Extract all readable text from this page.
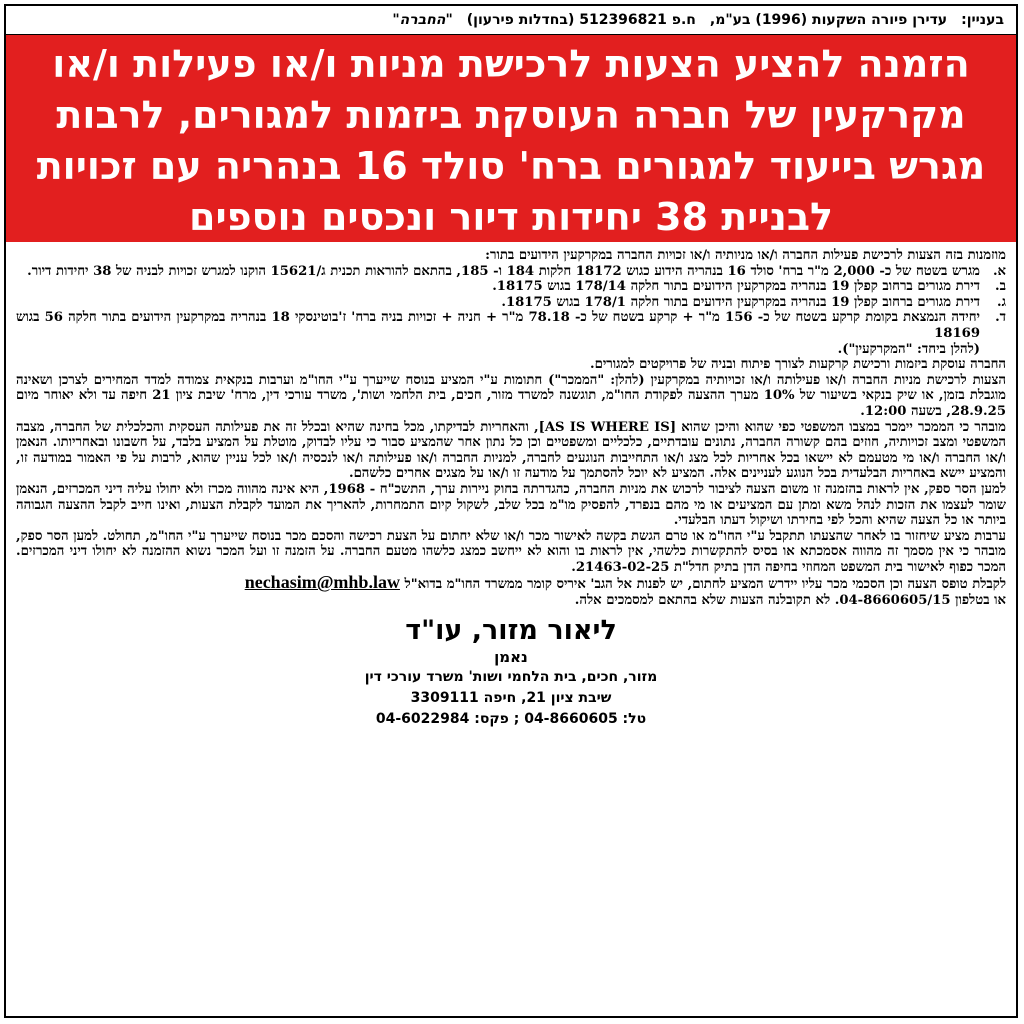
בעניין:
עדירן פיורה השקעות (1996) בע"מ,
ח.פ 512396821 (בחדלות פירעון)
"החברה"
הזמנה להציע הצעות לרכישת מניות ו/או פעילות ו/או
מקרקעין של חברה העוסקת ביזמות למגורים, לרבות
מגרש בייעוד למגורים ברח' סולד 16 בנהריה עם זכויות
לבניית 38 יחידות דיור ונכסים נוספים

מוזמנות בזה הצעות לרכישת פעילות החברה ו/או מניותיה ו/או זכויות החברה במקרקעין הידועים בתור:

א.
מגרש בשטח של כ- 2,000 מ"ר ברח' סולד 16 בנהריה הידוע כגוש 18172 חלקות 184 ו- 185, בהתאם להוראות תכנית ג/15621 הוקנו למגרש זכויות לבניה של 38 יחידות דיור.
ב.
דירת מגורים ברחוב קפלן 19 בנהריה במקרקעין הידועים בתור חלקה 178/14 בגוש 18175.
ג.
דירת מגורים ברחוב קפלן 19 בנהריה במקרקעין הידועים בתור חלקה 178/1 בגוש 18175.
ד.
יחידה הנמצאת בקומת קרקע בשטח של כ- 156 מ"ר + קרקע בשטח של כ- 78.18 מ"ר + חניה + זכויות בניה ברח' ז'בוטינסקי 18 בנהריה במקרקעין הידועים בתור חלקה 56 בגוש 18169
(להלן ביחד: "המקרקעין").

החברה עוסקת ביזמות ורכישת קרקעות לצורך פיתוח ובניה של פרויקטים למגורים.

הצעות לרכישת מניות החברה ו/או פעילותה ו/או זכויותיה במקרקעין (להלן: "הממכר") חתומות ע"י המציע בנוסח שייערך ע"י החו"מ וערבות בנקאית צמודה למדד המחירים לצרכן ושאינה מוגבלת בזמן, או שיק בנקאי בשיעור של 10% מערך ההצעה לפקודת החו"מ, תוגשנה למשרד מזור, חכים, בית הלחמי ושות', משרד עורכי דין, מרח' שיבת ציון 21 חיפה עד ולא יאוחר מיום 28.9.25, בשעה 12:00.

מובהר כי הממכר יימכר במצבו המשפטי כפי שהוא והיכן שהוא [AS IS WHERE IS], והאחריות לבדיקתו, מכל בחינה שהיא ובכלל זה את פעילותה העסקית והכלכלית של החברה, מצבה המשפטי ומצב זכויותיה, חוזים בהם קשורה החברה, נתונים עובדתיים, כלכליים ומשפטיים וכן כל נתון אחר שהמציע סבור כי עליו לבדוק, מוטלת על המציע בלבד, על חשבונו ובאחריותו. הנאמן ו/או החברה ו/או מי מטעמם לא יישאו בכל אחריות לכל מצג ו/או התחייבות הנוגעים לחברה, למניות החברה ו/או פעילותה ו/או לנכסיה ו/או לכל עניין שהוא, לרבות על פי האמור במודעה זו, והמציע יישא באחריות הבלעדית בכל הנוגע לעניינים אלה. המציע לא יוכל להסתמך על מודעה זו ו/או על מצגים אחרים כלשהם.

למען הסר ספק, אין לראות בהזמנה זו משום הצעה לציבור לרכוש את מניות החברה, כהגדרתה בחוק ניירות ערך, התשכ"ח - 1968, היא אינה מהווה מכרז ולא יחולו עליה דיני המכרזים, הנאמן שומר לעצמו את הזכות לנהל משא ומתן עם המציעים או מי מהם בנפרד, להפסיק מו"מ בכל שלב, לשקול קיום התמחרות, להאריך את המועד לקבלת הצעות, ואינו חייב לקבל ההצעה הגבוהה ביותר או כל הצעה שהיא והכל לפי בחירתו ושיקול דעתו הבלעדי.

ערבות מציע שיחזור בו לאחר שהצעתו תתקבל ע"י החו"מ או טרם הגשת בקשה לאישור מכר ו/או שלא יחתום על הצעת רכישה והסכם מכר בנוסח שייערך ע"י החו"מ, תחולט. למען הסר ספק, מובהר כי אין מסמך זה מהווה אסמכתא או בסיס להתקשרות כלשהי, אין לראות בו והוא לא ייחשב כמצג כלשהו מטעם החברה. על הזמנה זו ועל המכר נשוא ההזמנה לא יחולו דיני המכרזים. המכר כפוף לאישור בית המשפט המחוזי בחיפה הדן בתיק חדל"ת 21463-02-25.

לקבלת טופס הצעה וכן הסכמי מכר עליו יידרש המציע לחתום, יש לפנות אל הגב' איריס קומר ממשרד החו"מ בדוא"ל nechasim@mhb.law

או בטלפון 04-8660605/15. לא תקובלנה הצעות שלא בהתאם למסמכים אלה.

ליאור מזור, עו"ד
נאמן
מזור, חכים, בית הלחמי ושות' משרד עורכי דין
שיבת ציון 21, חיפה 3309111
טל: 04-8660605 ; פקס: 04-6022984
